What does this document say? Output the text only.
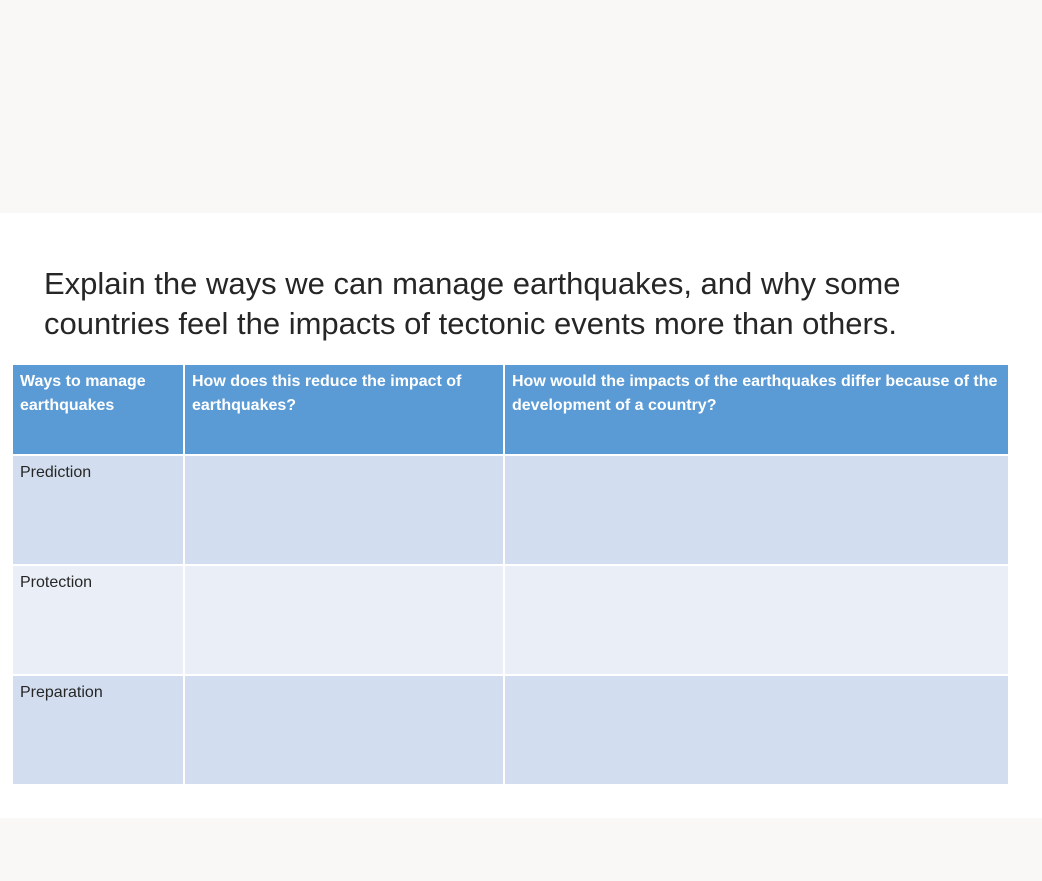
Explain the ways we can manage earthquakes, and why some countries feel the impacts of tectonic events more than others.
Ways to manage earthquakes	How does this reduce the impact of earthquakes?	How would the impacts of the earthquakes differ because of the development of a country?
Prediction		
Protection		
Preparation		
